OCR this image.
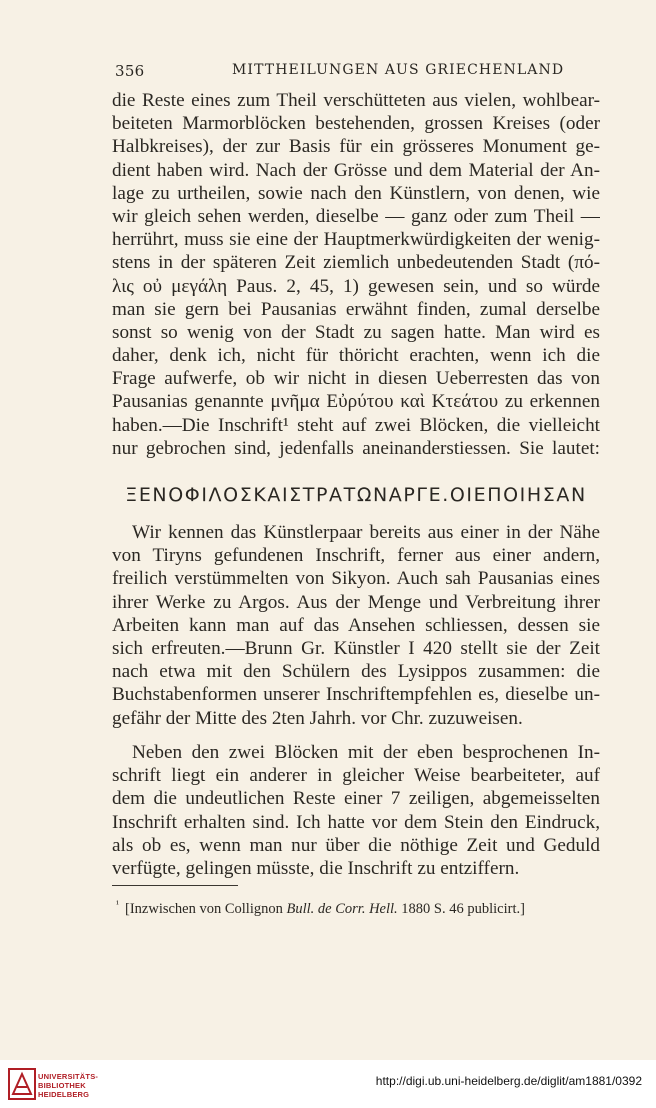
356	MITTHEILUNGEN AUS GRIECHENLAND
die Reste eines zum Theil verschütteten aus vielen, wohlbear-
beiteten Marmorblöcken bestehenden, grossen Kreises (oder
Halbkreises), der zur Basis für ein grösseres Monument ge-
dient haben wird. Nach der Grösse und dem Material der An-
lage zu urtheilen, sowie nach den Künstlern, von denen, wie
wir gleich sehen werden, dieselbe — ganz oder zum Theil —
herrührt, muss sie eine der Hauptmerkwürdigkeiten der wenig-
stens in der späteren Zeit ziemlich unbedeutenden Stadt (πό-
λις οὐ μεγάλη Paus. 2, 45, 1) gewesen sein, und so würde
man sie gern bei Pausanias erwähnt finden, zumal derselbe
sonst so wenig von der Stadt zu sagen hatte. Man wird es
daher, denk ich, nicht für thöricht erachten, wenn ich die
Frage aufwerfe, ob wir nicht in diesen Ueberresten das von
Pausanias genannte μνῆμα Εὐρύτου καὶ Κτεάτου zu erkennen
haben.—Die Inschrift¹ steht auf zwei Blöcken, die vielleicht
nur gebrochen sind, jedenfalls aneinanderstiessen. Sie lautet:
ΞΕΝΟΦΙΛΟΣΚΑΙΣΤΡΑΤΩΝΑΡΓΕ.ΟΙΕΠΟΙΗΣΑΝ
Wir kennen das Künstlerpaar bereits aus einer in der Nähe
von Tiryns gefundenen Inschrift, ferner aus einer andern,
freilich verstümmelten von Sikyon. Auch sah Pausanias eines
ihrer Werke zu Argos. Aus der Menge und Verbreitung ihrer
Arbeiten kann man auf das Ansehen schliessen, dessen sie
sich erfreuten.—Brunn Gr. Künstler I 420 stellt sie der Zeit
nach etwa mit den Schülern des Lysippos zusammen: die
Buchstabenformen unserer Inschriftempfehlen es, dieselbe un-
gefähr der Mitte des 2ten Jahrh. vor Chr. zuzuweisen.
Neben den zwei Blöcken mit der eben besprochenen In-
schrift liegt ein anderer in gleicher Weise bearbeiteter, auf
dem die undeutlichen Reste einer 7 zeiligen, abgemeisselten
Inschrift erhalten sind. Ich hatte vor dem Stein den Eindruck,
als ob es, wenn man nur über die nöthige Zeit und Geduld
verfügte, gelingen müsste, die Inschrift zu entziffern.
$^{^1}$ [Inzwischen von Collignon Bull. de Corr. Hell. 1880 S. 46 publicirt.]
UNIVERSITÄTS-
BIBLIOTHEK
HEIDELBERG
http://digi.ub.uni-heidelberg.de/diglit/am1881/0392
